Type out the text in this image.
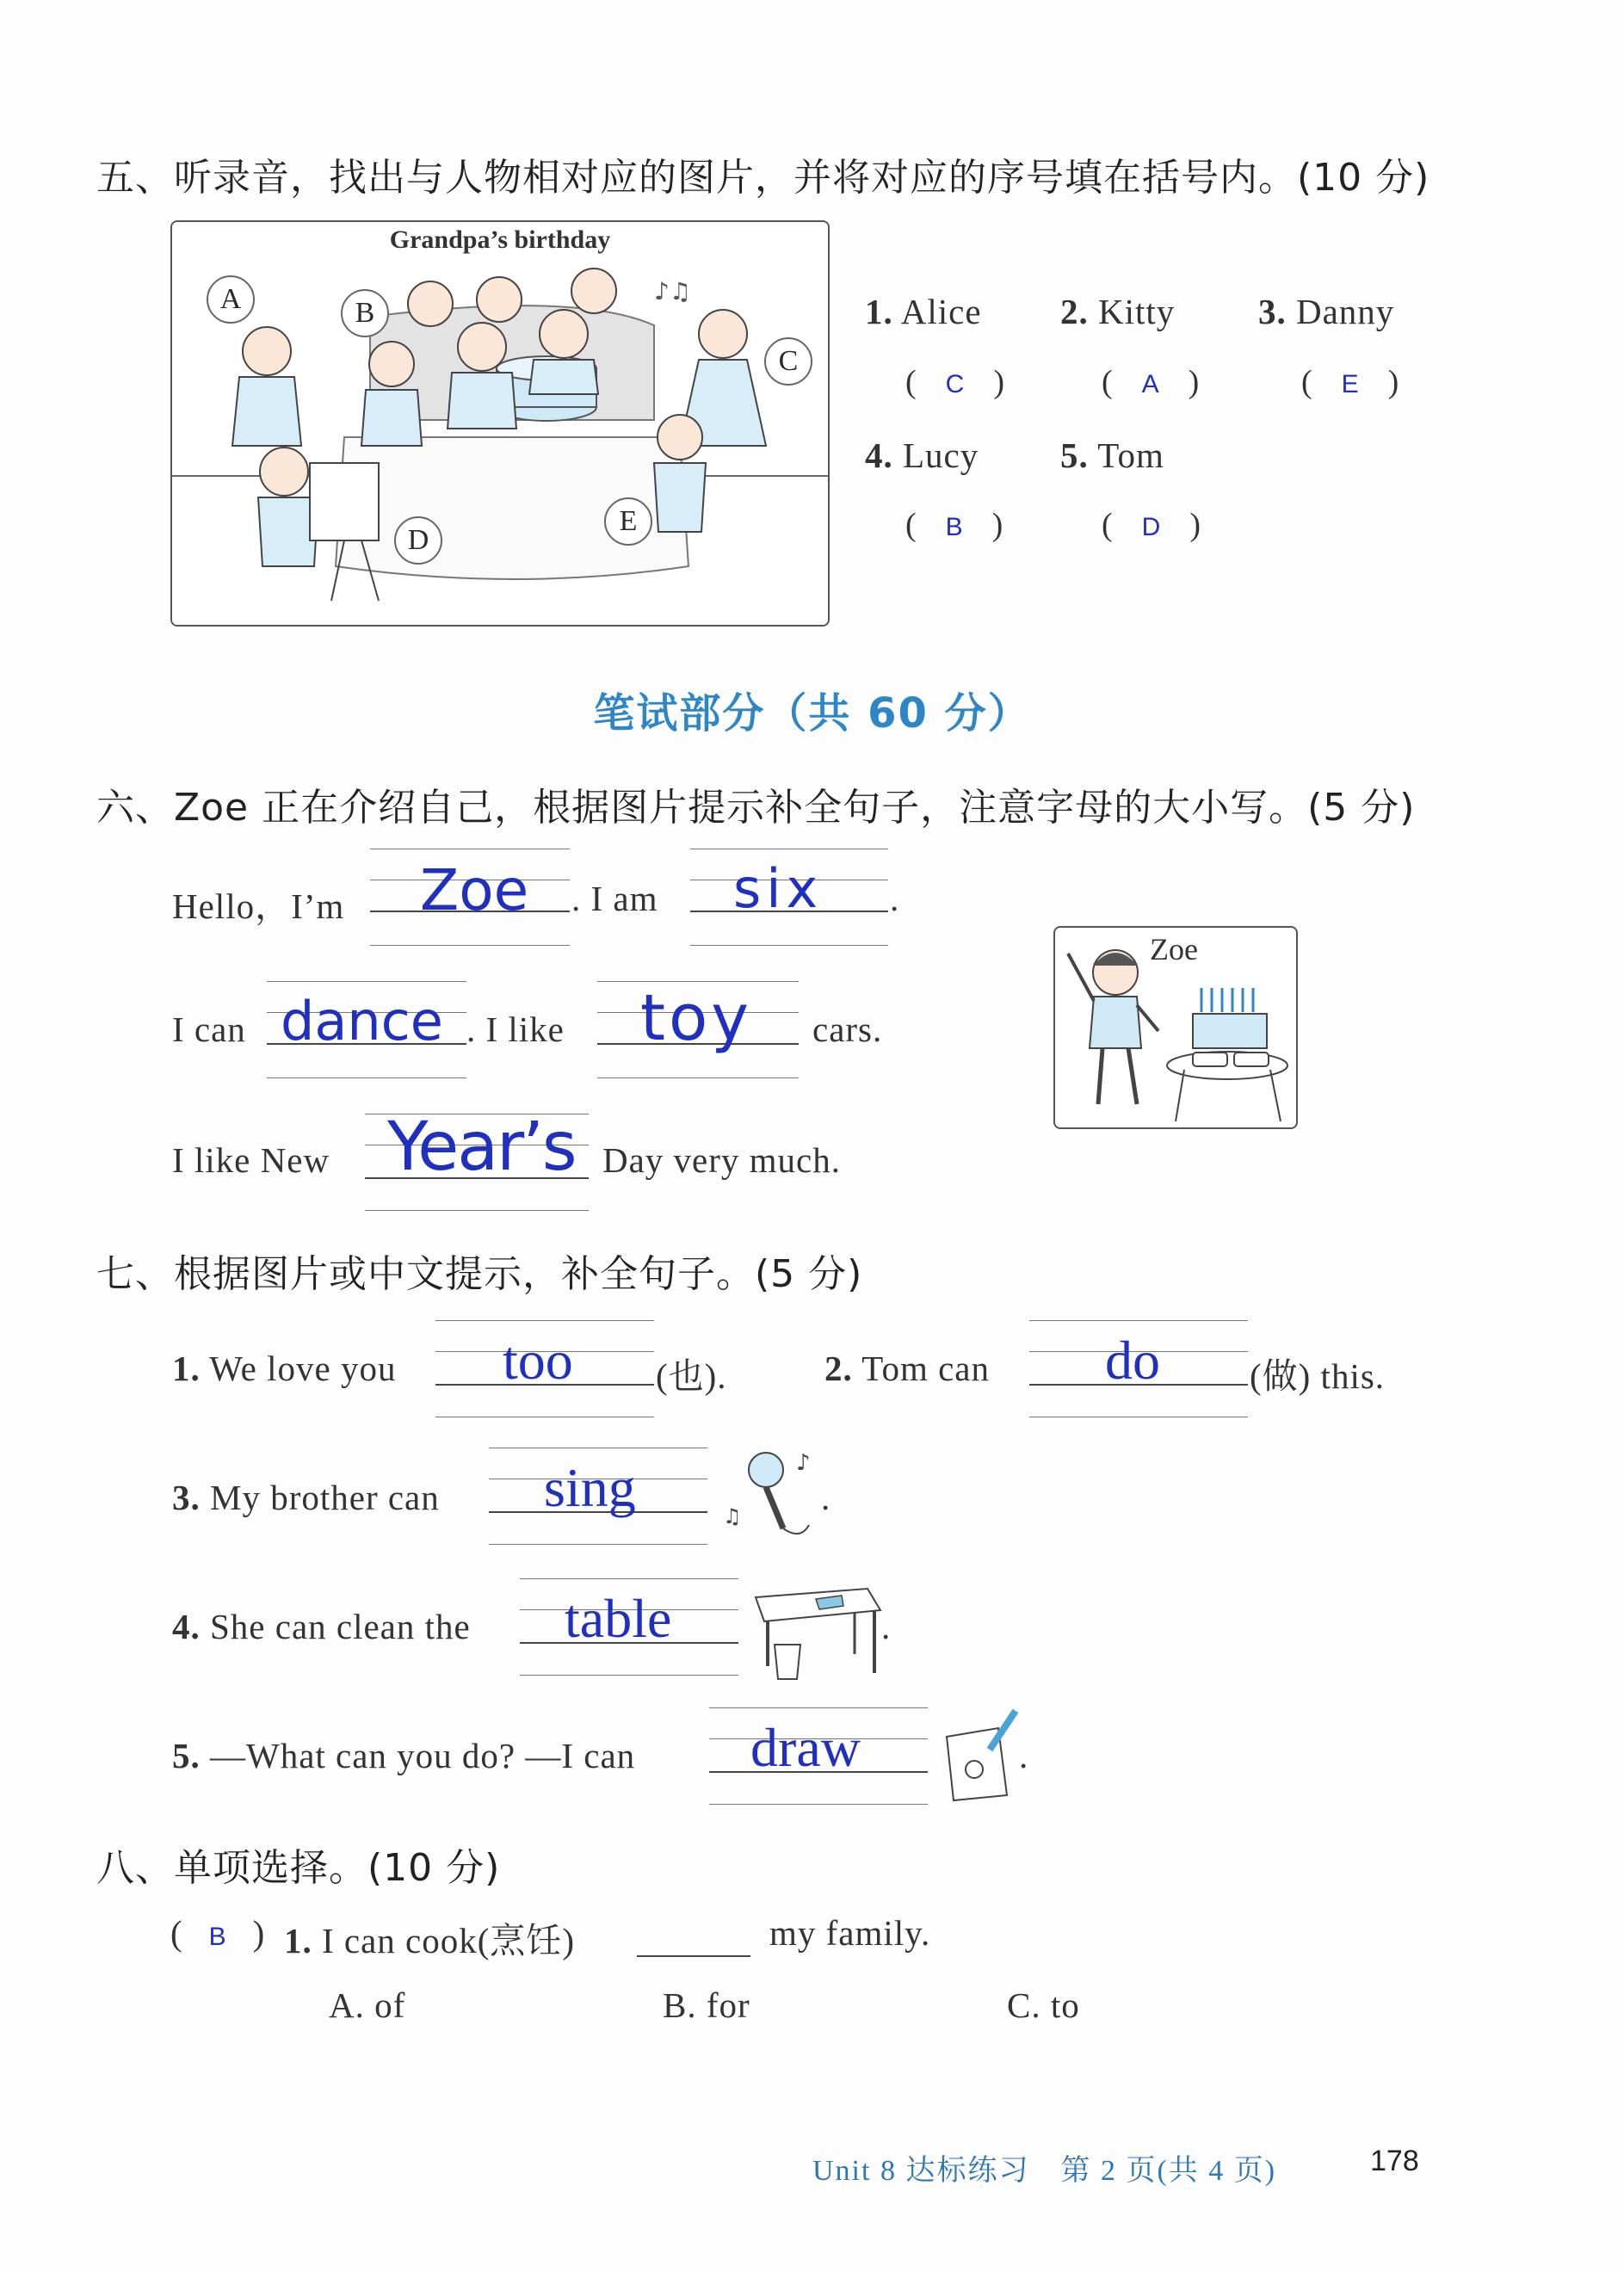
五、听录音，找出与人物相对应的图片，并将对应的序号填在括号内。(10 分)
♪♫
Grandpa’s birthday
A	B
C
D
E
1. Alice 2. Kitty 3. Danny
4. Lucy 5. Tom
( C )	( A )	( E )
( B )	( D )
笔试部分（共 60 分）
六、Zoe 正在介绍自己，根据图片提示补全句子，注意字母的大小写。(5 分)
Hello，I’m Zoe . I am six .
I can dance . I like toy cars.
I like New Year’s Day very much.
Zoe
七、根据图片或中文提示，补全句子。(5 分)
1. We love you too (也).	2. Tom can do	(做) this.
3. My brother can sing	♪
♫ .
4. She can clean the table	.
5. —What can you do? —I can draw	.
八、单项选择。(10 分)
( B ) 1. I can cook(烹饪)	my family.
A. of	B. for	C. to
Unit 8 达标练习　第 2 页(共 4 页)	178
